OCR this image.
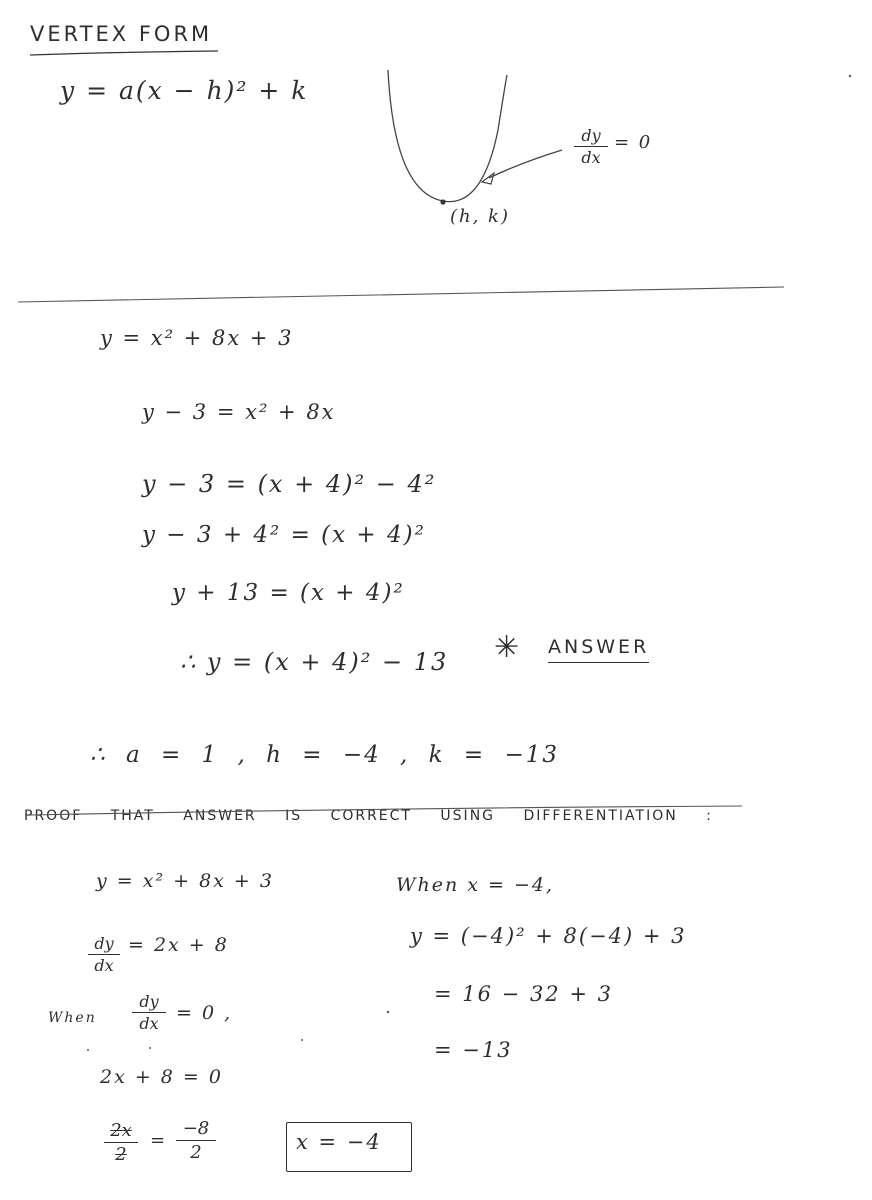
VERTEX FORM
y = a(x − h)² + k
$\frac{dy}{dx} = 0$
(h, k)
y = x² + 8x + 3
y − 3 = x² + 8x
y − 3 = (x + 4)² − 4²
y − 3 + 4² = (x + 4)²
y + 13 = (x + 4)²
∴ y = (x + 4)² − 13 ✳ ANSWER
∴ a = 1 , h = −4 , k = −13
PROOF THAT ANSWER IS CORRECT USING DIFFERENTIATION :
y = x² + 8x + 3
$\frac{dy}{dx} = 2x + 8$
When $\frac{dy}{dx} = 0$ ,
2x + 8 = 0
$\frac{2x}{2} = \frac{-8}{2}$	x = −4
When x = −4,
y = (−4)² + 8(−4) + 3
= 16 − 32 + 3
= −13
